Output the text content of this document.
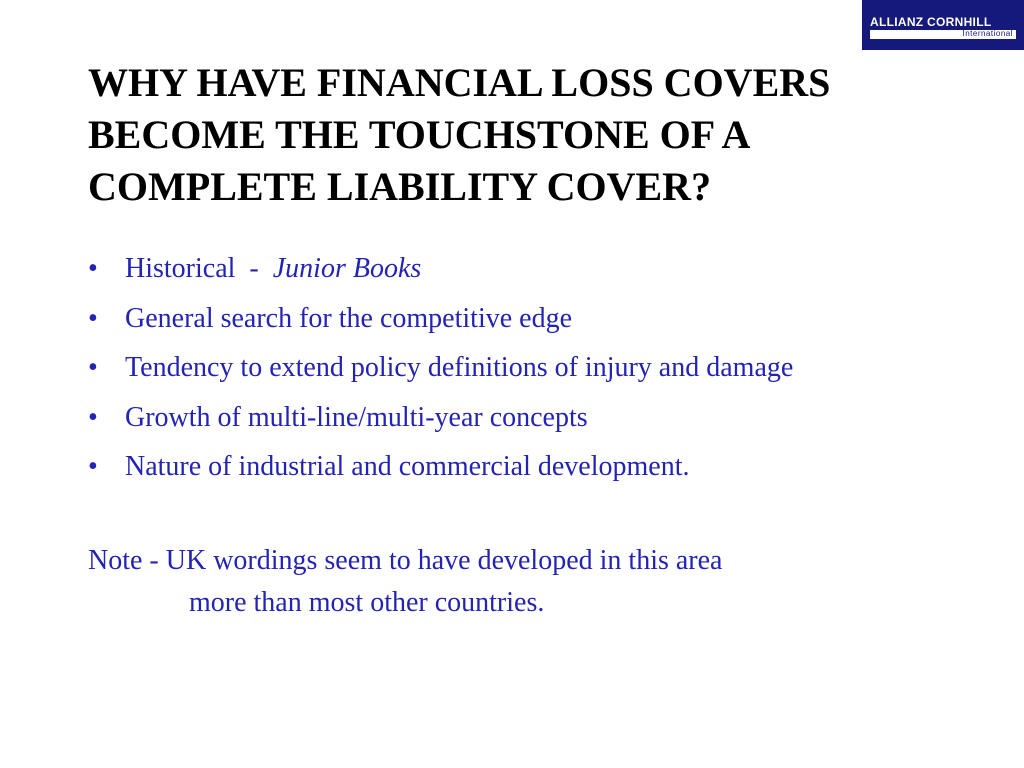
ALLIANZ CORNHILL
International
WHY HAVE FINANCIAL LOSS COVERS
BECOME THE TOUCHSTONE OF A
COMPLETE LIABILITY COVER?
• Historical  -  Junior Books
• General search for the competitive edge
• Tendency to extend policy definitions of injury and damage
• Growth of multi-line/multi-year concepts
• Nature of industrial and commercial development.

Note - UK wordings seem to have developed in this area
more than most other countries.
